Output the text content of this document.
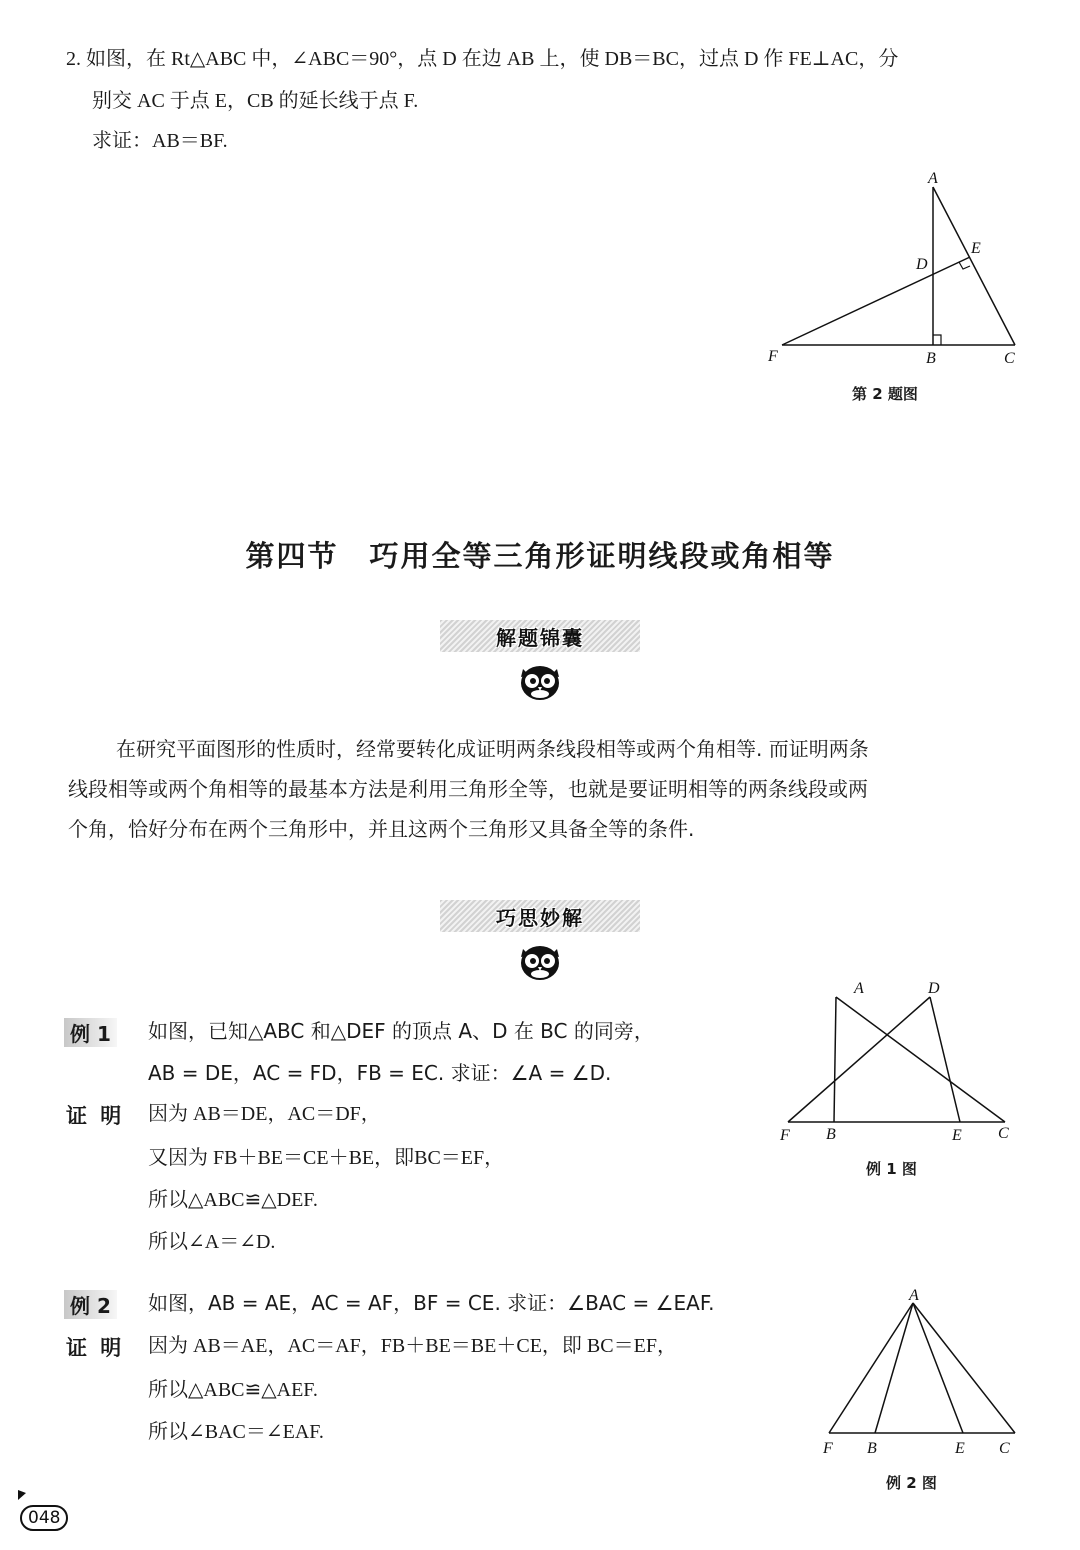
2. 如图，在 Rt△ABC 中，∠ABC＝90°，点 D 在边 AB 上，使 DB＝BC，过点 D 作 FE⊥AC，分
别交 AC 于点 E，CB 的延长线于点 F.
求证：AB＝BF.
A
D
E
F	B	C
第 2 题图
第四节　巧用全等三角形证明线段或角相等
解题锦囊
在研究平面图形的性质时，经常要转化成证明两条线段相等或两个角相等. 而证明两条
线段相等或两个角相等的最基本方法是利用三角形全等，也就是要证明相等的两条线段或两
个角，恰好分布在两个三角形中，并且这两个三角形又具备全等的条件.
巧思妙解
例 1	如图，已知△ABC 和△DEF 的顶点 A、D 在 BC 的同旁，
AB = DE，AC = FD，FB = EC. 求证：∠A = ∠D.
证 明 因为 AB＝DE，AC＝DF，
又因为 FB＋BE＝CE＋BE，即BC＝EF，
所以△ABC≌△DEF.
所以∠A＝∠D.
A	D
F B	E C
例 1 图
例 2	如图，AB = AE，AC = AF，BF = CE. 求证：∠BAC = ∠EAF.
证 明 因为 AB＝AE，AC＝AF，FB＋BE＝BE＋CE，即 BC＝EF，
所以△ABC≌△AEF.
所以∠BAC＝∠EAF.
A
F B	E C
例 2 图
048
